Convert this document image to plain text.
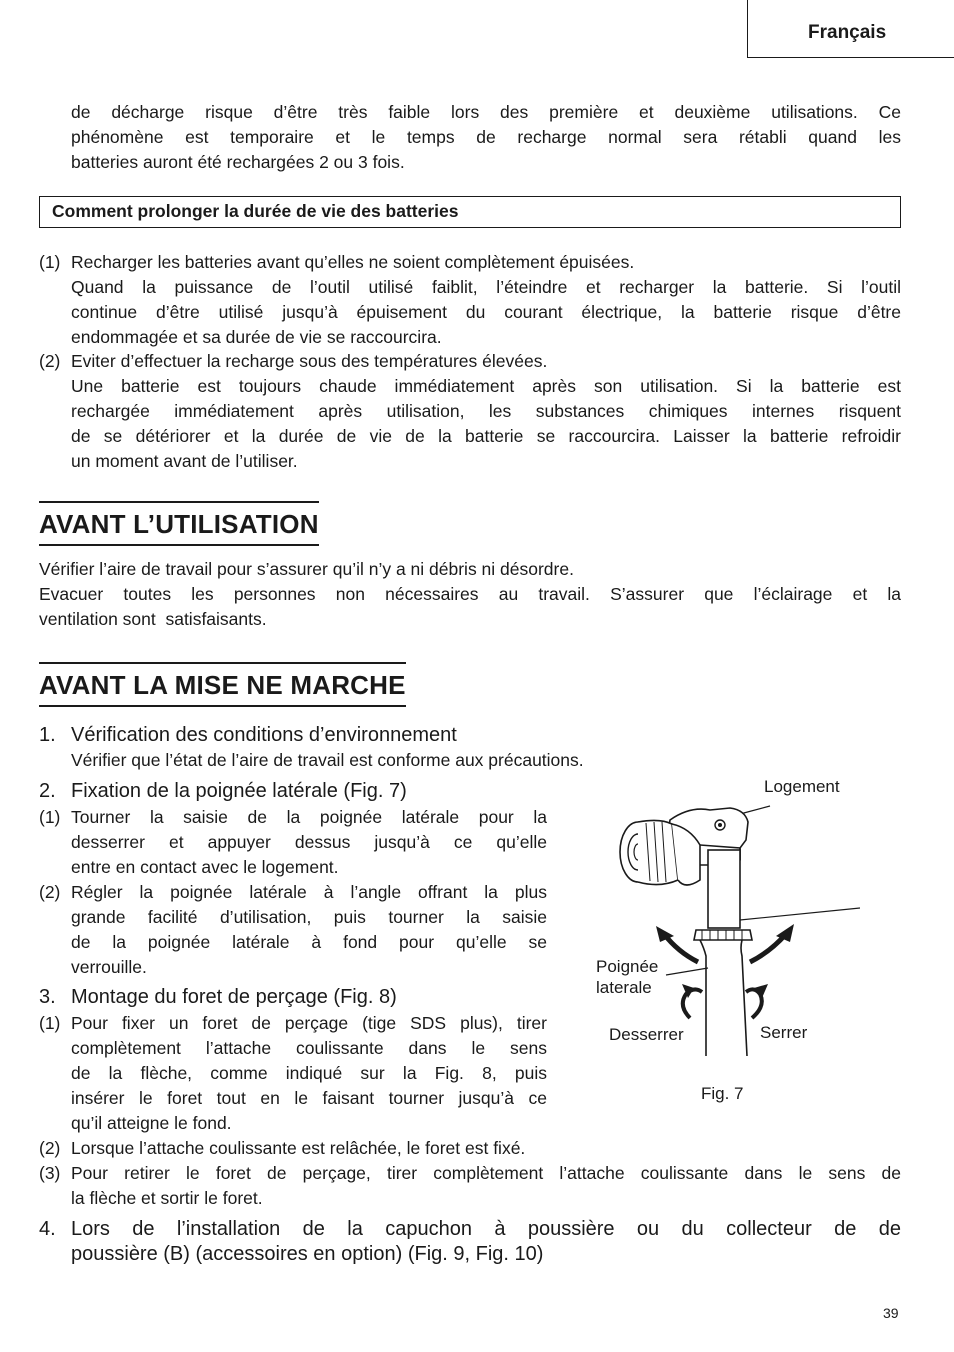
Français
de décharge risque d’être très faible lors des première et deuxième utilisations. Ce
phénomène est temporaire et le temps de recharge normal sera rétabli quand les
batteries auront été rechargées 2 ou 3 fois.
Comment prolonger la durée de vie des batteries
(1) Recharger les batteries avant qu’elles ne soient complètement épuisées.
Quand la puissance de l’outil utilisé faiblit, l’éteindre et recharger la batterie. Si l’outil
continue d’être utilisé jusqu’à épuisement du courant électrique, la batterie risque d’être
endommagée et sa durée de vie se raccourcira.
(2) Eviter d’effectuer la recharge sous des températures élevées.
Une batterie est toujours chaude immédiatement après son utilisation. Si la batterie est
rechargée immédiatement après utilisation, les substances chimiques internes risquent
de se détériorer et la durée de vie de la batterie se raccourcira. Laisser la batterie refroidir
un moment avant de l’utiliser.
AVANT L’UTILISATION
Vérifier l’aire de travail pour s’assurer qu’il n’y a ni débris ni désordre.
Evacuer toutes les personnes non nécessaires au travail. S’assurer que l’éclairage et la
ventilation sont  satisfaisants.
AVANT LA MISE NE MARCHE
1. Vérification des conditions d’environnement
Vérifier que l’état de l’aire de travail est conforme aux précautions.
2. Fixation de la poignée latérale (Fig. 7)
(1) Tourner la saisie de la poignée latérale pour la
desserrer et appuyer dessus jusqu’à ce qu’elle
entre en contact avec le logement.
(2) Régler la poignée latérale à l’angle offrant la plus
grande facilité d’utilisation, puis tourner la saisie
de la poignée latérale à fond pour qu’elle se
verrouille.
3. Montage du foret de perçage (Fig. 8)
(1) Pour fixer un foret de perçage (tige SDS plus), tirer
complètement l’attache coulissante dans le sens
de la flèche, comme indiqué sur la Fig. 8, puis
insérer le foret tout en le faisant tourner jusqu’à ce
qu’il atteigne le fond.
(2) Lorsque l’attache coulissante est relâchée, le foret est fixé.
(3) Pour retirer le foret de perçage, tirer complètement l’attache coulissante dans le sens de
la flèche et sortir le foret.
4. Lors de l’installation de la capuchon à poussière ou du collecteur de de
poussière (B) (accessoires en option) (Fig. 9, Fig. 10)
Logement
Poignée
laterale
Desserrer	Serrer
Fig. 7
39
